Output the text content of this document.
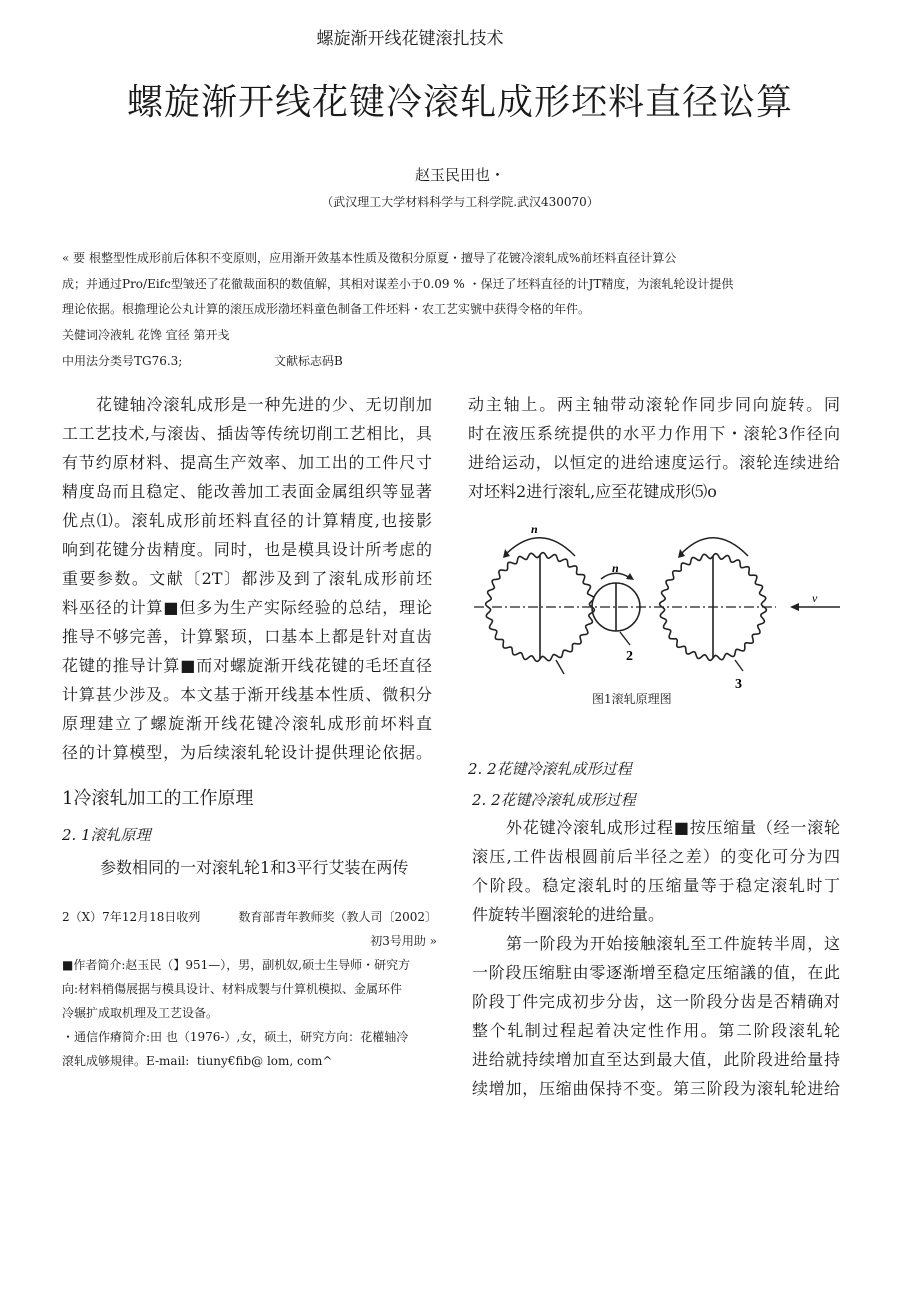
螺旋渐开线花键滚扎技术
螺旋渐开线花键冷滚轧成形坯料直径讼算
赵玉民田也・
（武汉理工大学材料科学与工科学院.武汉430070）
« 要 根整型性成形前后体积不变原则，应用渐开敛基本性质及徵积分原夏・擅导了花镀冷滚轧成%前坯料直径计算公
成；并通过Pro/Eifc型皱还了花徹裁面积的数值解，其相对谋差小于0.09 % ・保迁了坯料直径的计JT精度，为滚轧轮设计提供
理论依据。根擔理论公丸计算的滚压成形渤坯料童色制备工件坯料・农工艺实號中获得令格的年件。
关健词冷液轧 花馋 宜径 第开戋
中用法分类号TG76.3;	文献标志码B
花键轴冷滚轧成形是一种先进的少、无切削加
工工艺技术,与滚齿、插齿等传统切削工艺相比，具
有节约原材料、提高生产效率、加工出的工件尺寸
精度岛而且稳定、能改善加工表面金属组织等显著
优点⑴。滚轧成形前坯料直径的计算精度,也接影
响到花键分齿精度。同时，也是模具设计所考虑的
重要参数。文献〔2T〕都涉及到了滚轧成形前坯
料巫径的计算■但多为生产实际经验的总结，理论
推导不够完善，计算緊顼，口基本上都是针对直齿
花键的推导计算■而对螺旋渐开线花键的毛坯直径
计算甚少涉及。本文基于渐开线基本性质、微积分
原理建立了螺旋渐开线花键冷滚轧成形前坏料直
径的计算模型，为后续滚轧轮设计提供理论依据。
1冷滚轧加工的工作原理
2. 1滚轧原理
参数相同的一对滚轧轮1和3平行艾装在两传
2（X）7年12月18日收列          数育部青年教师奖（教人司〔2002〕
初3号用助 »
■作者简介:赵玉民（】951—），男，副机奴,硕士生导师・研究方
向:材料梢傷展据与模具设计、材料成製与什算机模拟、金属环件
冷辗扩成取机理及工艺设备。
・通信作瘠简介:田 也（1976-）,女，硕土，研究方向：花權轴冷
滾轧成够規律。E-mail:  tiuny€fib@ lom, com^
动主轴上。两主轴带动滚轮作同步同向旋转。同
时在液压系统提供的水平力作用下・滚轮3作径向
进给运动，以恒定的进给速度运行。滚轮连续进给
对坯料2进行滚轧,应至花键成形⑸o
n
n
2
3
v
图1滚轧原理图
2. 2花键冷滚轧成形过程
2. 2花键冷滚轧成形过程
外花键冷滚轧成形过程■按压缩量（经一滚轮
滚压,工件齿根圆前后半径之差）的变化可分为四
个阶段。稳定滚轧时的压缩量等于稳定滚轧时丁
件旋转半圈滚轮的进给量。
第一阶段为开始接触滚轧至工件旋转半周，这
一阶段压缩駐由零逐渐增至稳定压缩議的值，在此
阶段丁件完成初步分齿，这一阶段分齿是否精确对
整个轧制过程起着决定性作用。第二阶段滚轧轮
进给就持续增加直至达到最大值，此阶段进给量持
续增加，压缩曲保持不变。第三阶段为滚轧轮进给
